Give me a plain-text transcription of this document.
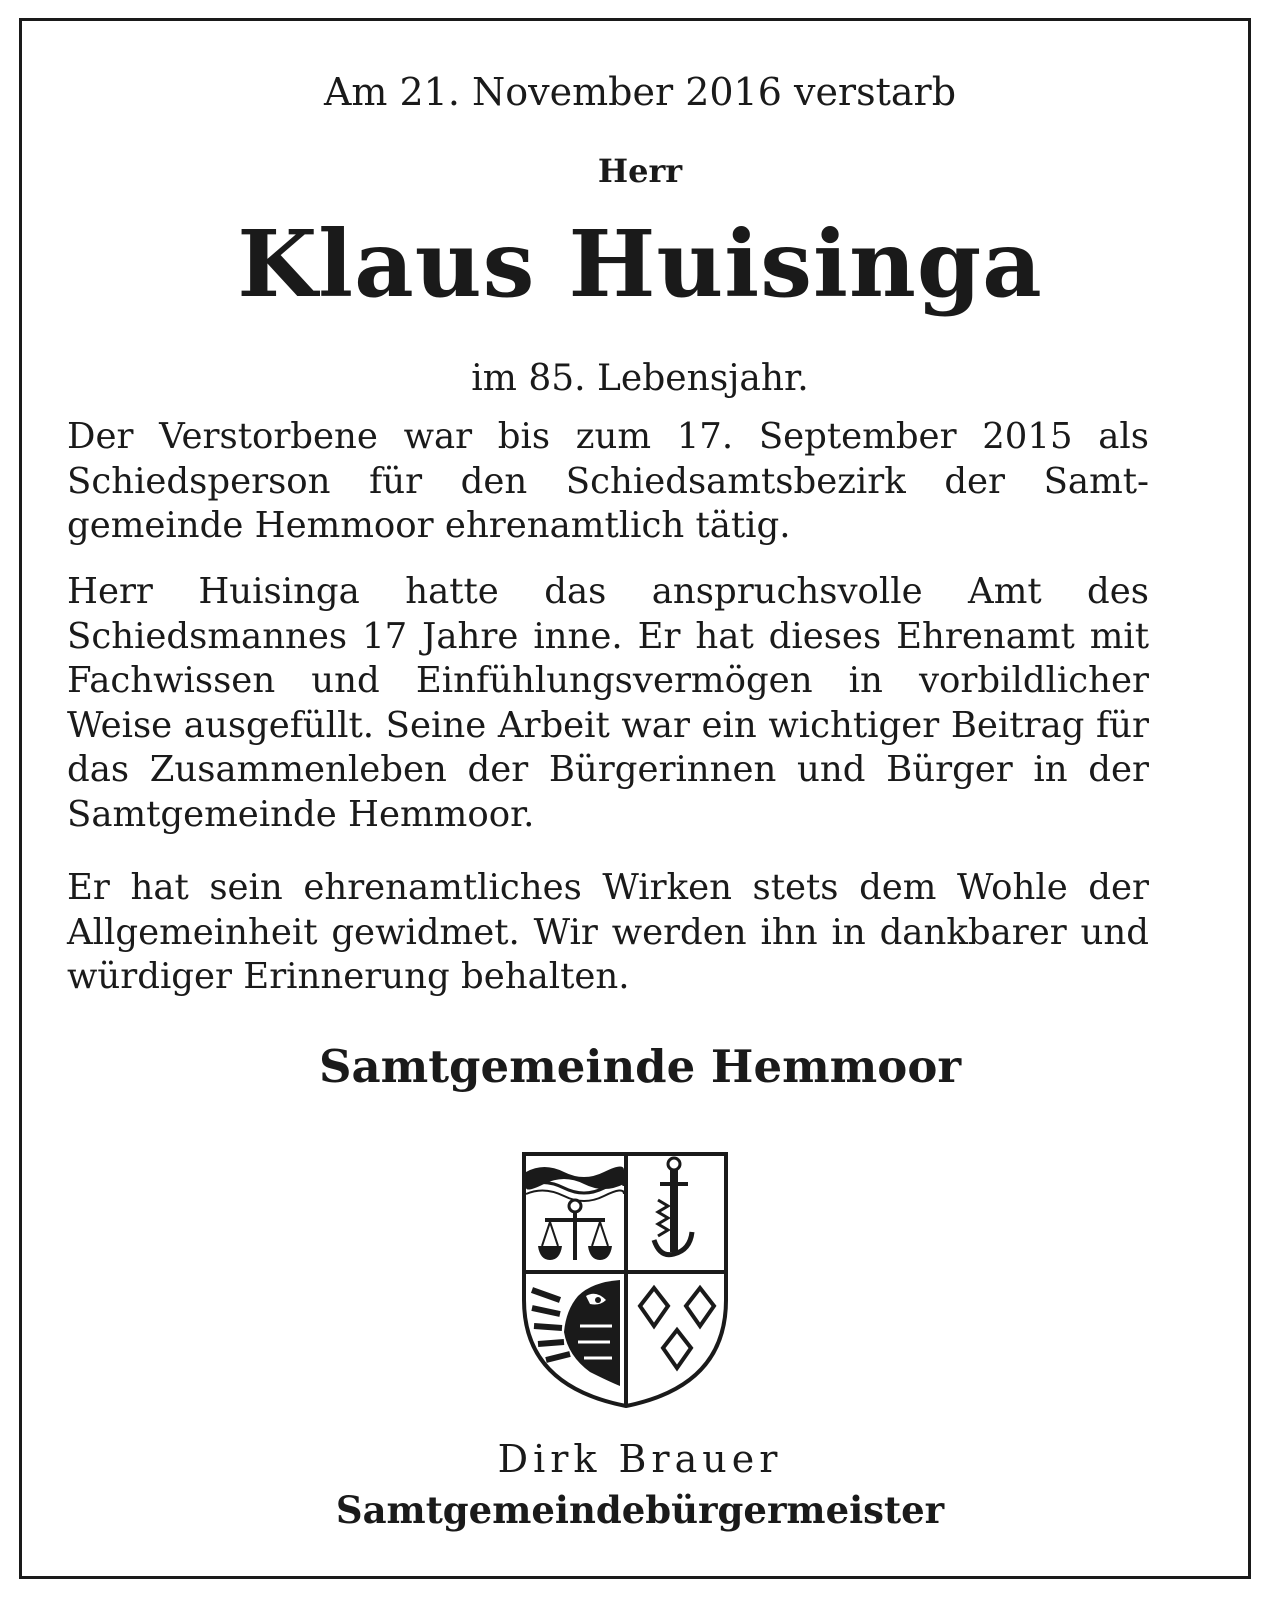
Am 21. November 2016 verstarb
Herr
Klaus Huisinga
im 85. Lebensjahr.
Der Verstorbene war bis zum 17. September 2015 als Schiedsperson für den Schiedsamtsbezirk der Samtgemeinde Hemmoor ehrenamtlich tätig.
Herr Huisinga hatte das anspruchsvolle Amt des Schiedsmannes 17 Jahre inne. Er hat dieses Ehrenamt mit Fachwissen und Einfühlungsvermögen in vorbildlicher Weise ausgefüllt. Seine Arbeit war ein wichtiger Beitrag für das Zusammenleben der Bürgerinnen und Bürger in der Samtgemeinde Hemmoor.
Er hat sein ehrenamtliches Wirken stets dem Wohle der Allgemeinheit gewidmet. Wir werden ihn in dankbarer und würdiger Erinnerung behalten.
Samtgemeinde Hemmoor
Dirk Brauer
Samtgemeindebürgermeister
